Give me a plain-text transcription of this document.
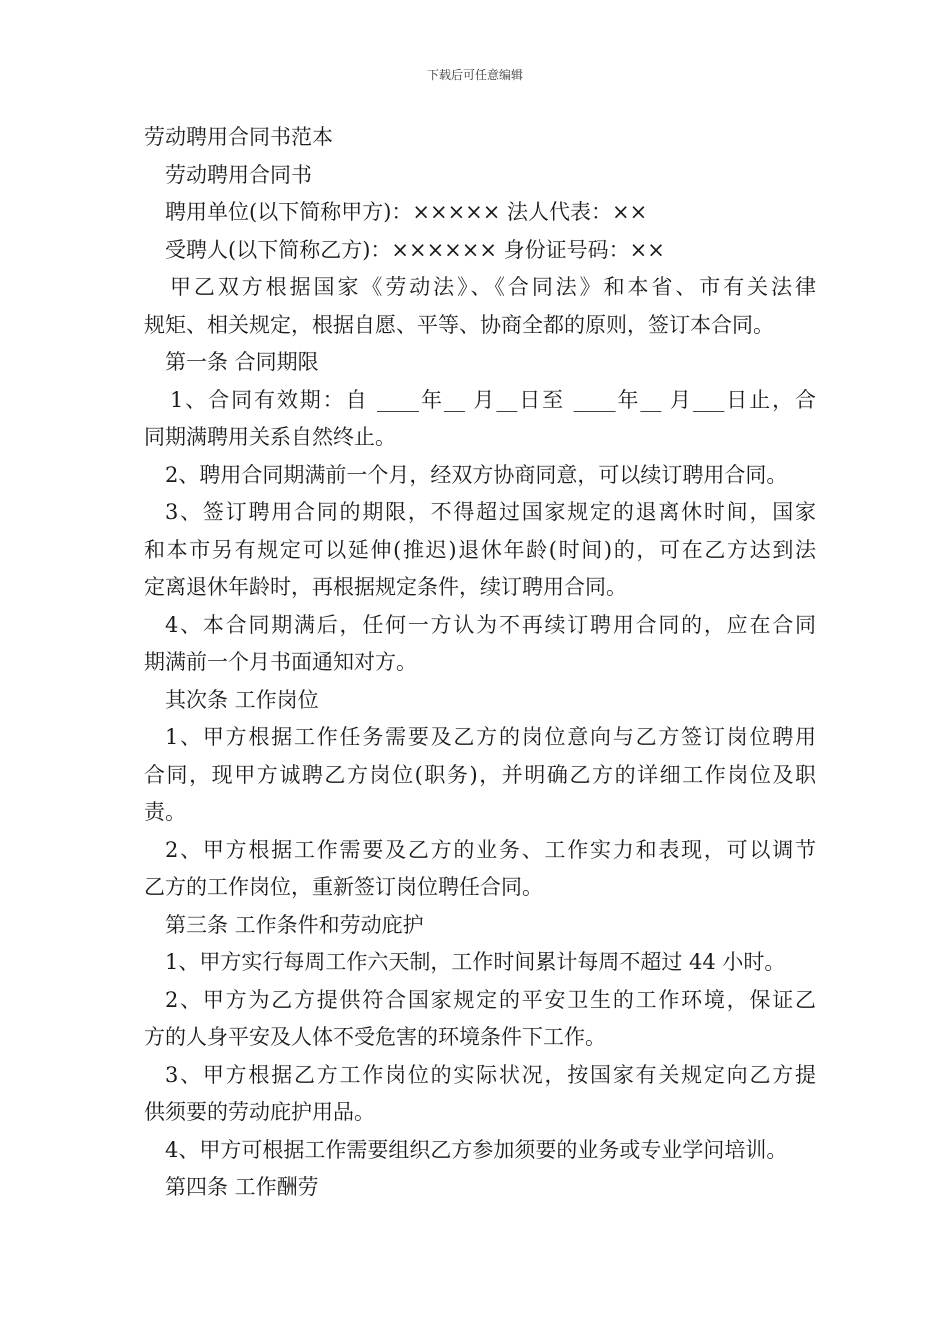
下载后可任意编辑
劳动聘用合同书范本
劳动聘用合同书
聘用单位(以下简称甲方)：××××× 法人代表：××
受聘人(以下简称乙方)：×××××× 身份证号码：××
甲乙双方根据国家《劳动法》、《合同法》和本省、市有关法律
规矩、相关规定，根据自愿、平等、协商全都的原则，签订本合同。
第一条 合同期限
1、合同有效期：自 ____年__ 月__日至 ____年__ 月___日止，合
同期满聘用关系自然终止。
2、聘用合同期满前一个月，经双方协商同意，可以续订聘用合同。
3、签订聘用合同的期限，不得超过国家规定的退离休时间，国家
和本市另有规定可以延伸(推迟)退休年龄(时间)的，可在乙方达到法
定离退休年龄时，再根据规定条件，续订聘用合同。
4、本合同期满后，任何一方认为不再续订聘用合同的，应在合同
期满前一个月书面通知对方。
其次条 工作岗位
1、甲方根据工作任务需要及乙方的岗位意向与乙方签订岗位聘用
合同，现甲方诚聘乙方岗位(职务)，并明确乙方的详细工作岗位及职
责。
2、甲方根据工作需要及乙方的业务、工作实力和表现，可以调节
乙方的工作岗位，重新签订岗位聘任合同。
第三条 工作条件和劳动庇护
1、甲方实行每周工作六天制，工作时间累计每周不超过 44 小时。
2、甲方为乙方提供符合国家规定的平安卫生的工作环境，保证乙
方的人身平安及人体不受危害的环境条件下工作。
3、甲方根据乙方工作岗位的实际状况，按国家有关规定向乙方提
供须要的劳动庇护用品。
4、甲方可根据工作需要组织乙方参加须要的业务或专业学问培训。
第四条 工作酬劳
